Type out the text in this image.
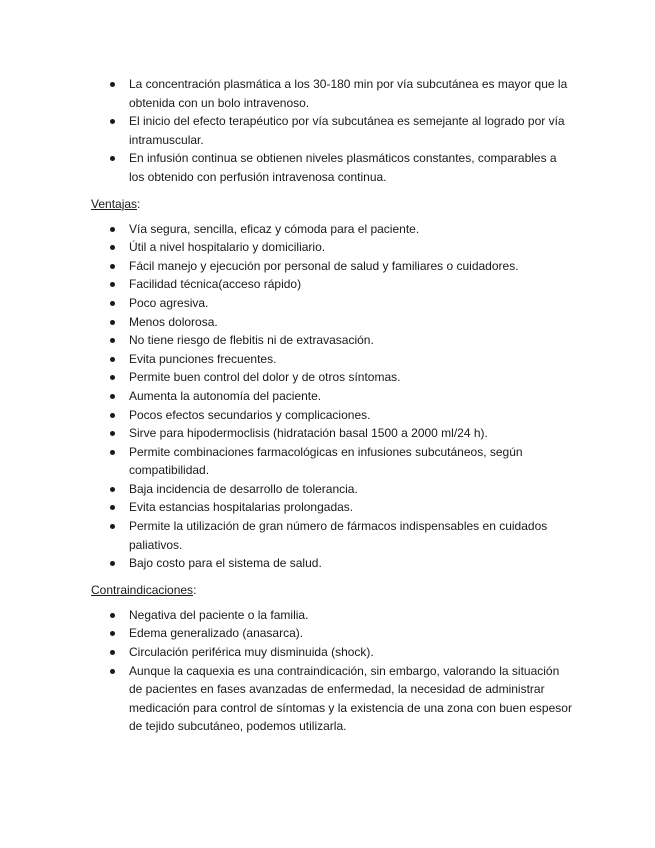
La concentración plasmática a los 30-180 min por vía subcutánea es mayor que la obtenida con un bolo intravenoso.
El inicio del efecto terapéutico por vía subcutánea es semejante al logrado por vía intramuscular.
En infusión continua se obtienen niveles plasmáticos constantes, comparables a los obtenido con perfusión intravenosa continua.

Ventajas:

Vía segura, sencilla, eficaz y cómoda para el paciente.
Útil a nivel hospitalario y domiciliario.
Fácil manejo y ejecución por personal de salud y familiares o cuidadores.
Facilidad técnica(acceso rápido)
Poco agresiva.
Menos dolorosa.
No tiene riesgo de flebitis ni de extravasación.
Evita punciones frecuentes.
Permite buen control del dolor y de otros síntomas.
Aumenta la autonomía del paciente.
Pocos efectos secundarios y complicaciones.
Sirve para hipodermoclisis (hidratación basal 1500 a 2000 ml/24 h).
Permite combinaciones farmacológicas en infusiones subcutáneos, según compatibilidad.
Baja incidencia de desarrollo de tolerancia.
Evita estancias hospitalarias prolongadas.
Permite la utilización de gran número de fármacos indispensables en cuidados paliativos.
Bajo costo para el sistema de salud.

Contraindicaciones:

Negativa del paciente o la familia.
Edema generalizado (anasarca).
Circulación periférica muy disminuida (shock).
Aunque la caquexia es una contraindicación, sin embargo, valorando la situación de pacientes en fases avanzadas de enfermedad, la necesidad de administrar medicación para control de síntomas y la existencia de una zona con buen espesor de tejido subcutáneo, podemos utilizarla.
